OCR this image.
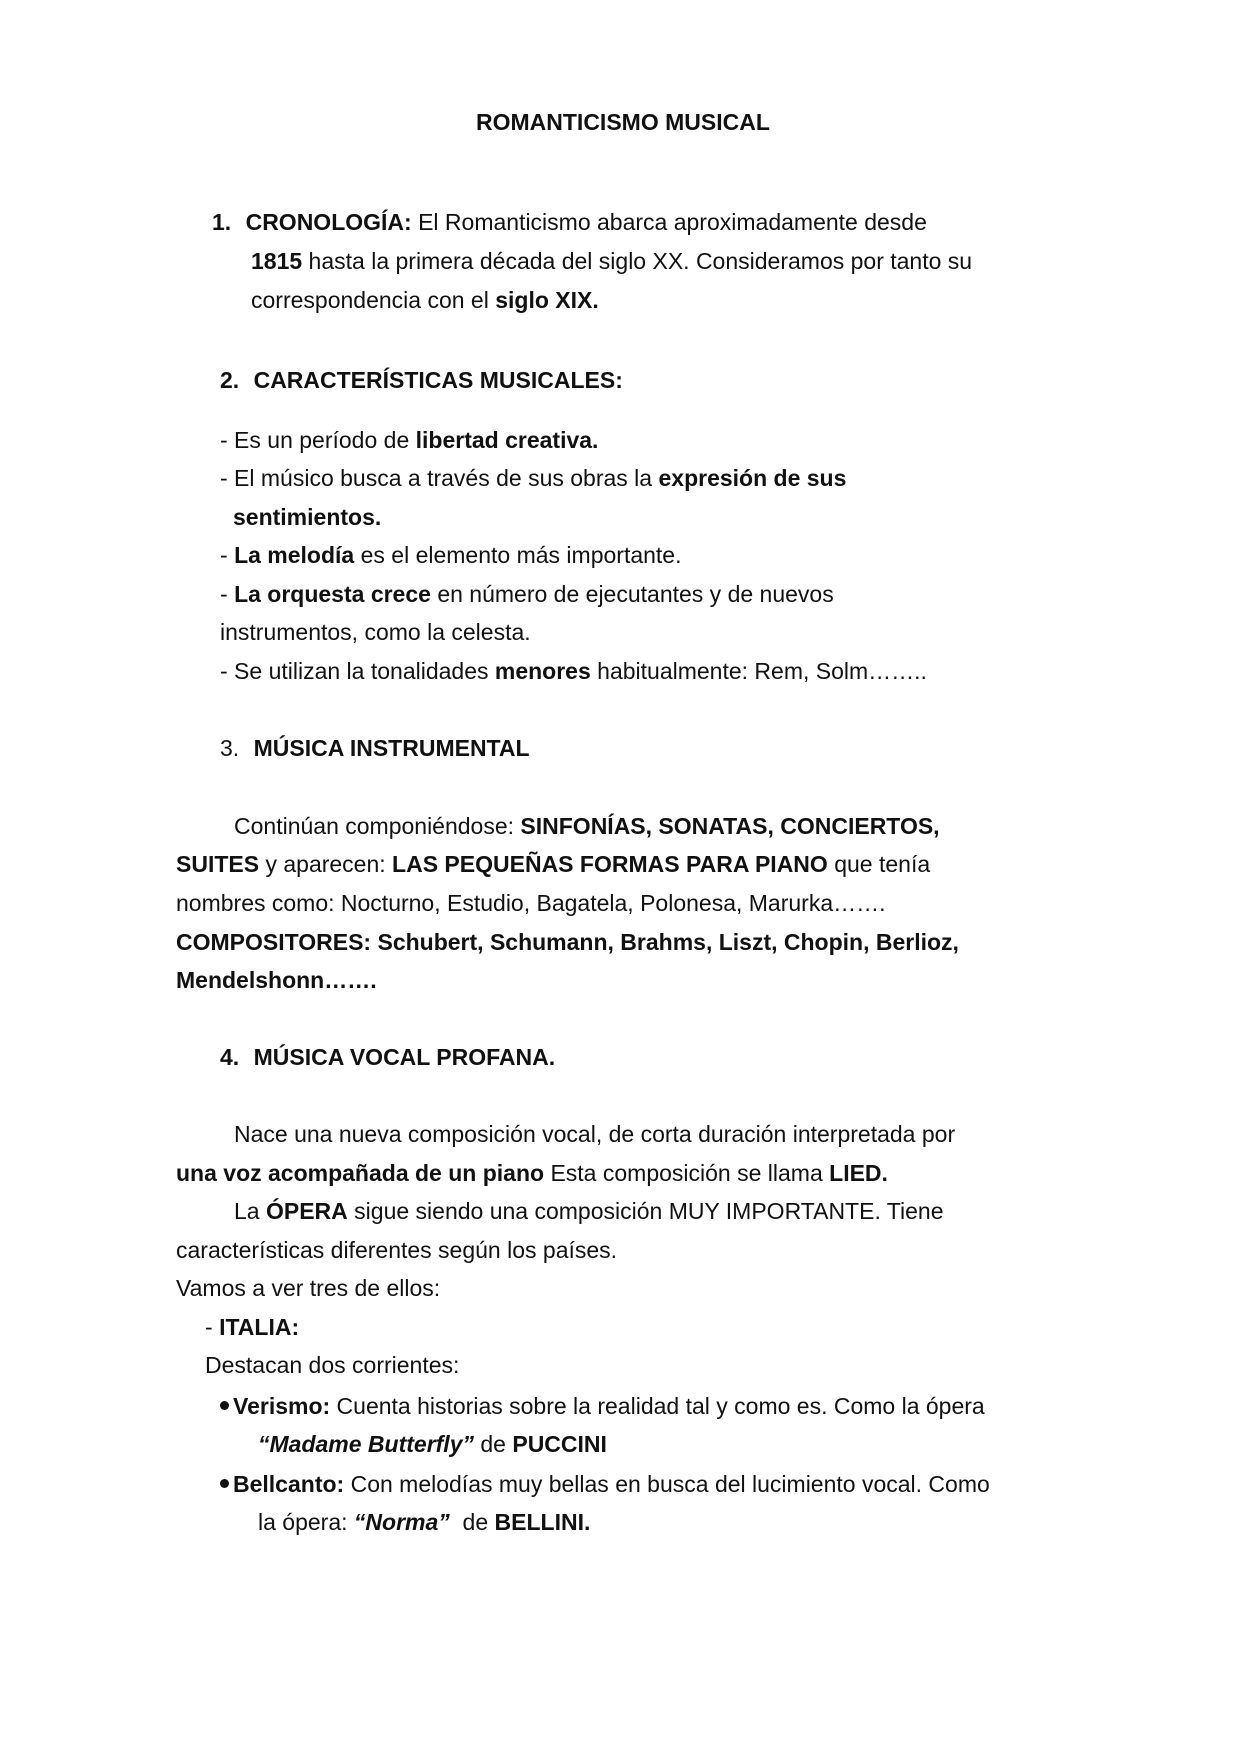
ROMANTICISMO MUSICAL
1. CRONOLOGÍA: El Romanticismo abarca aproximadamente desde
1815 hasta la primera década del siglo XX. Consideramos por tanto su
correspondencia con el siglo XIX.
2. CARACTERÍSTICAS MUSICALES:
- Es un período de libertad creativa.
- El músico busca a través de sus obras la expresión de sus
sentimientos.
- La melodía es el elemento más importante.
- La orquesta crece en número de ejecutantes y de nuevos
instrumentos, como la celesta.
- Se utilizan la tonalidades menores habitualmente: Rem, Solm……..
3. MÚSICA INSTRUMENTAL
Continúan componiéndose: SINFONÍAS, SONATAS, CONCIERTOS,
SUITES y aparecen: LAS PEQUEÑAS FORMAS PARA PIANO que tenía
nombres como: Nocturno, Estudio, Bagatela, Polonesa, Marurka…….
COMPOSITORES: Schubert, Schumann, Brahms, Liszt, Chopin, Berlioz,
Mendelshonn…….
4. MÚSICA VOCAL PROFANA.
Nace una nueva composición vocal, de corta duración interpretada por
una voz acompañada de un piano Esta composición se llama LIED.
La ÓPERA sigue siendo una composición MUY IMPORTANTE. Tiene
características diferentes según los países.
Vamos a ver tres de ellos:
- ITALIA:
Destacan dos corrientes:
Verismo: Cuenta historias sobre la realidad tal y como es. Como la ópera
“Madame Butterfly” de PUCCINI
Bellcanto: Con melodías muy bellas en busca del lucimiento vocal. Como
la ópera: “Norma”  de BELLINI.
